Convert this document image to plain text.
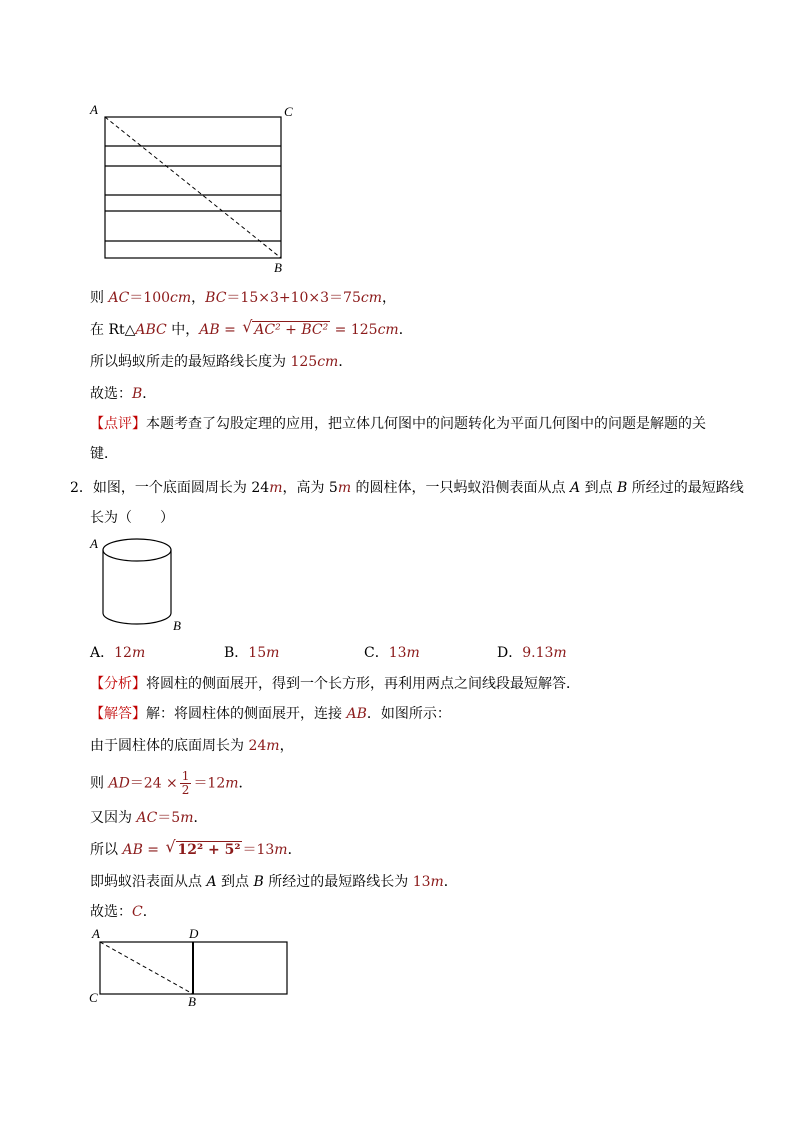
A	C
B
则 AC＝100cm，BC＝15×3+10×3＝75cm，
在 Rt△ABC 中，AB = √ AC² + BC² = 125cm．
所以蚂蚁所走的最短路线长度为 125cm．
故选：B．
【点评】本题考查了勾股定理的应用，把立体几何图中的问题转化为平面几何图中的问题是解题的关
键．
2．如图，一个底面圆周长为 24m，高为 5m 的圆柱体，一只蚂蚁沿侧表面从点 A 到点 B 所经过的最短路线
长为（　　）
A
B
A．12m	B．15m	C．13m	D．9.13m
【分析】将圆柱的侧面展开，得到一个长方形，再利用两点之间线段最短解答．
【解答】解：将圆柱体的侧面展开，连接 AB．如图所示：
由于圆柱体的底面周长为 24m，
则 $AD=24 \times \frac{1}{2} =12m$．
又因为 AC＝5m．
所以 AB = √ 12² + 5² ＝13m．
即蚂蚁沿表面从点 A 到点 B 所经过的最短路线长为 13m．
故选：C．
A	D
C	B
